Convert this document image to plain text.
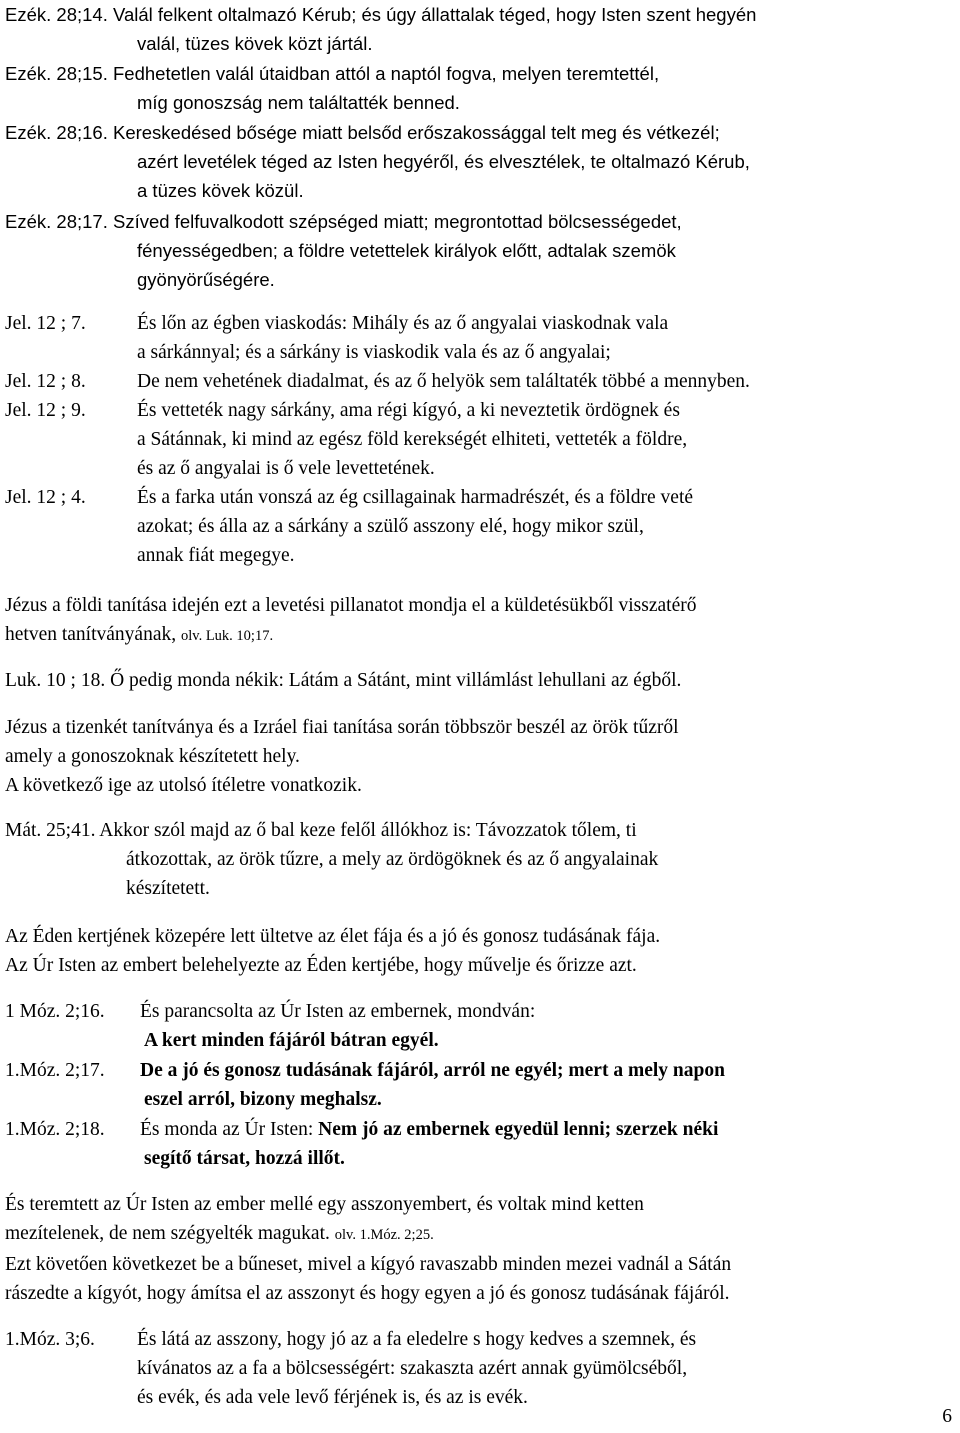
Ezék. 28;14. Valál felkent oltalmazó Kérub; és úgy állattalak téged, hogy Isten szent hegyén
valál, tüzes kövek közt jártál.
Ezék. 28;15. Fedhetetlen valál útaidban attól a naptól fogva, melyen teremtettél,
míg gonoszság nem találtatték benned.
Ezék. 28;16. Kereskedésed bősége miatt belsőd erőszakossággal telt meg és vétkezél;
azért levetélek téged az Isten hegyéről, és elvesztélek, te oltalmazó Kérub,
a tüzes kövek közül.
Ezék. 28;17. Szíved felfuvalkodott szépséged miatt; megrontottad bölcsességedet,
fényességedben; a földre vetettelek királyok előtt, adtalak szemök
gyönyörűségére.
Jel. 12 ; 7.	És lőn az égben viaskodás: Mihály és az ő angyalai viaskodnak vala
a sárkánnyal; és a sárkány is viaskodik vala és az ő angyalai;
Jel. 12 ; 8.	De nem vehetének diadalmat, és az ő helyök sem találtaték többé a mennyben.
Jel. 12 ; 9.	És vetteték nagy sárkány, ama régi kígyó, a ki neveztetik ördögnek és
a Sátánnak, ki mind az egész föld kerekségét elhiteti, vetteték a földre,
és az ő angyalai is ő vele levettetének.
Jel. 12 ; 4.	És a farka után vonszá az ég csillagainak harmadrészét, és a földre veté
azokat; és álla az a sárkány a szülő asszony elé, hogy mikor szül,
annak fiát megegye.
Jézus a földi tanítása idején ezt a levetési pillanatot mondja el a küldetésükből visszatérő
hetven tanítványának, olv. Luk. 10;17.
Luk. 10 ; 18. Ő pedig monda nékik: Látám a Sátánt, mint villámlást lehullani az égből.
Jézus a tizenkét tanítványa és a Izráel fiai tanítása során többször beszél az örök tűzről
amely a gonoszoknak készítetett hely.
A következő ige az utolsó ítéletre vonatkozik.
Mát. 25;41. Akkor szól majd az ő bal keze felől állókhoz is: Távozzatok tőlem, ti
átkozottak, az örök tűzre, a mely az ördögöknek és az ő angyalainak
készítetett.
Az Éden kertjének közepére lett ültetve az élet fája és a jó és gonosz tudásának fája.
Az Úr Isten az embert belehelyezte az Éden kertjébe, hogy művelje és őrizze azt.
1 Móz. 2;16. És parancsolta az Úr Isten az embernek, mondván:
A kert minden fájáról bátran egyél.
1.Móz. 2;17. De a jó és gonosz tudásának fájáról, arról ne egyél; mert a mely napon
eszel arról, bizony meghalsz.
1.Móz. 2;18. És monda az Úr Isten: Nem jó az embernek egyedül lenni; szerzek néki
segítő társat, hozzá illőt.
És teremtett az Úr Isten az ember mellé egy asszonyembert, és voltak mind ketten
mezítelenek, de nem szégyelték magukat. olv. 1.Móz. 2;25.
Ezt követően következet be a bűneset, mivel a kígyó ravaszabb minden mezei vadnál a Sátán
rászedte a kígyót, hogy ámítsa el az asszonyt és hogy egyen a jó és gonosz tudásának fájáról.
1.Móz. 3;6. És látá az asszony, hogy jó az a fa eledelre s hogy kedves a szemnek, és
kívánatos az a fa a bölcsességért: szakaszta azért annak gyümölcséből,
és evék, és ada vele levő férjének is, és az is evék.
6
